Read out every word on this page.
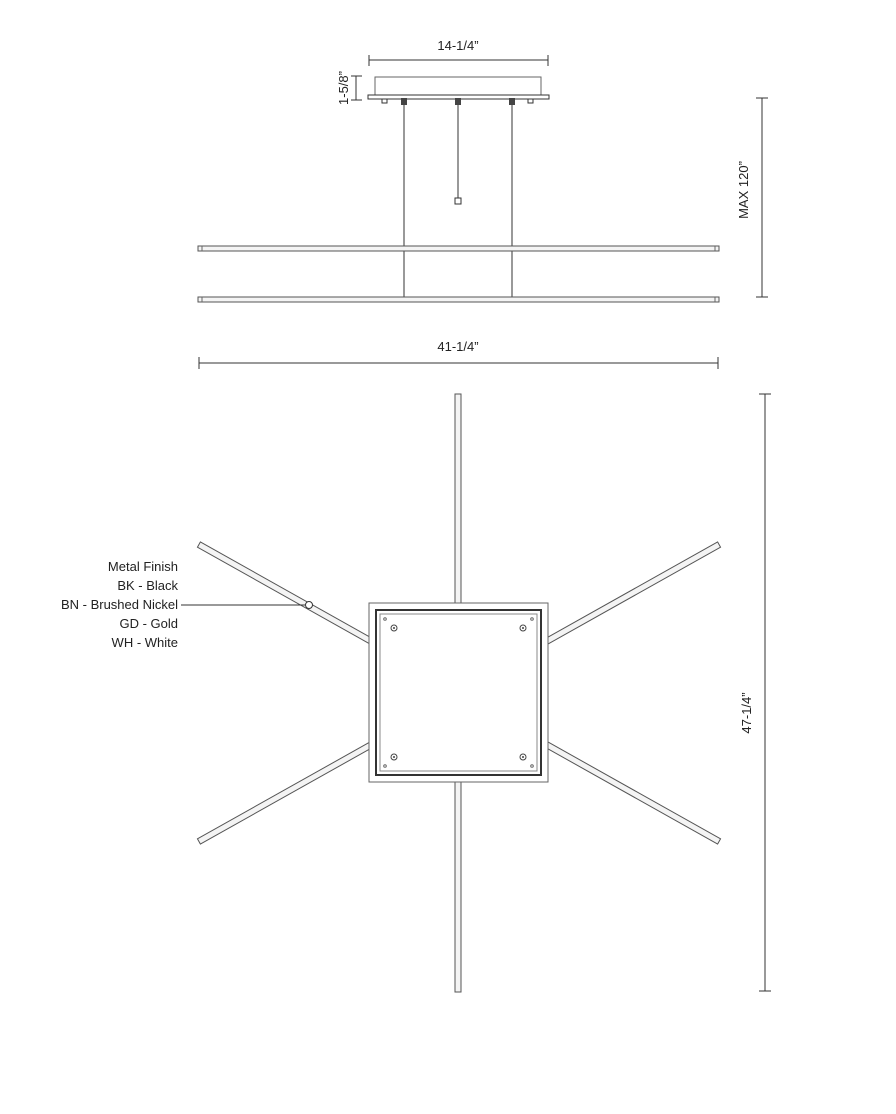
14-1/4”
1-5/8”
MAX 120”
41-1/4”
47-1/4”
Metal Finish
BK - Black
BN - Brushed Nickel
GD - Gold
WH - White
